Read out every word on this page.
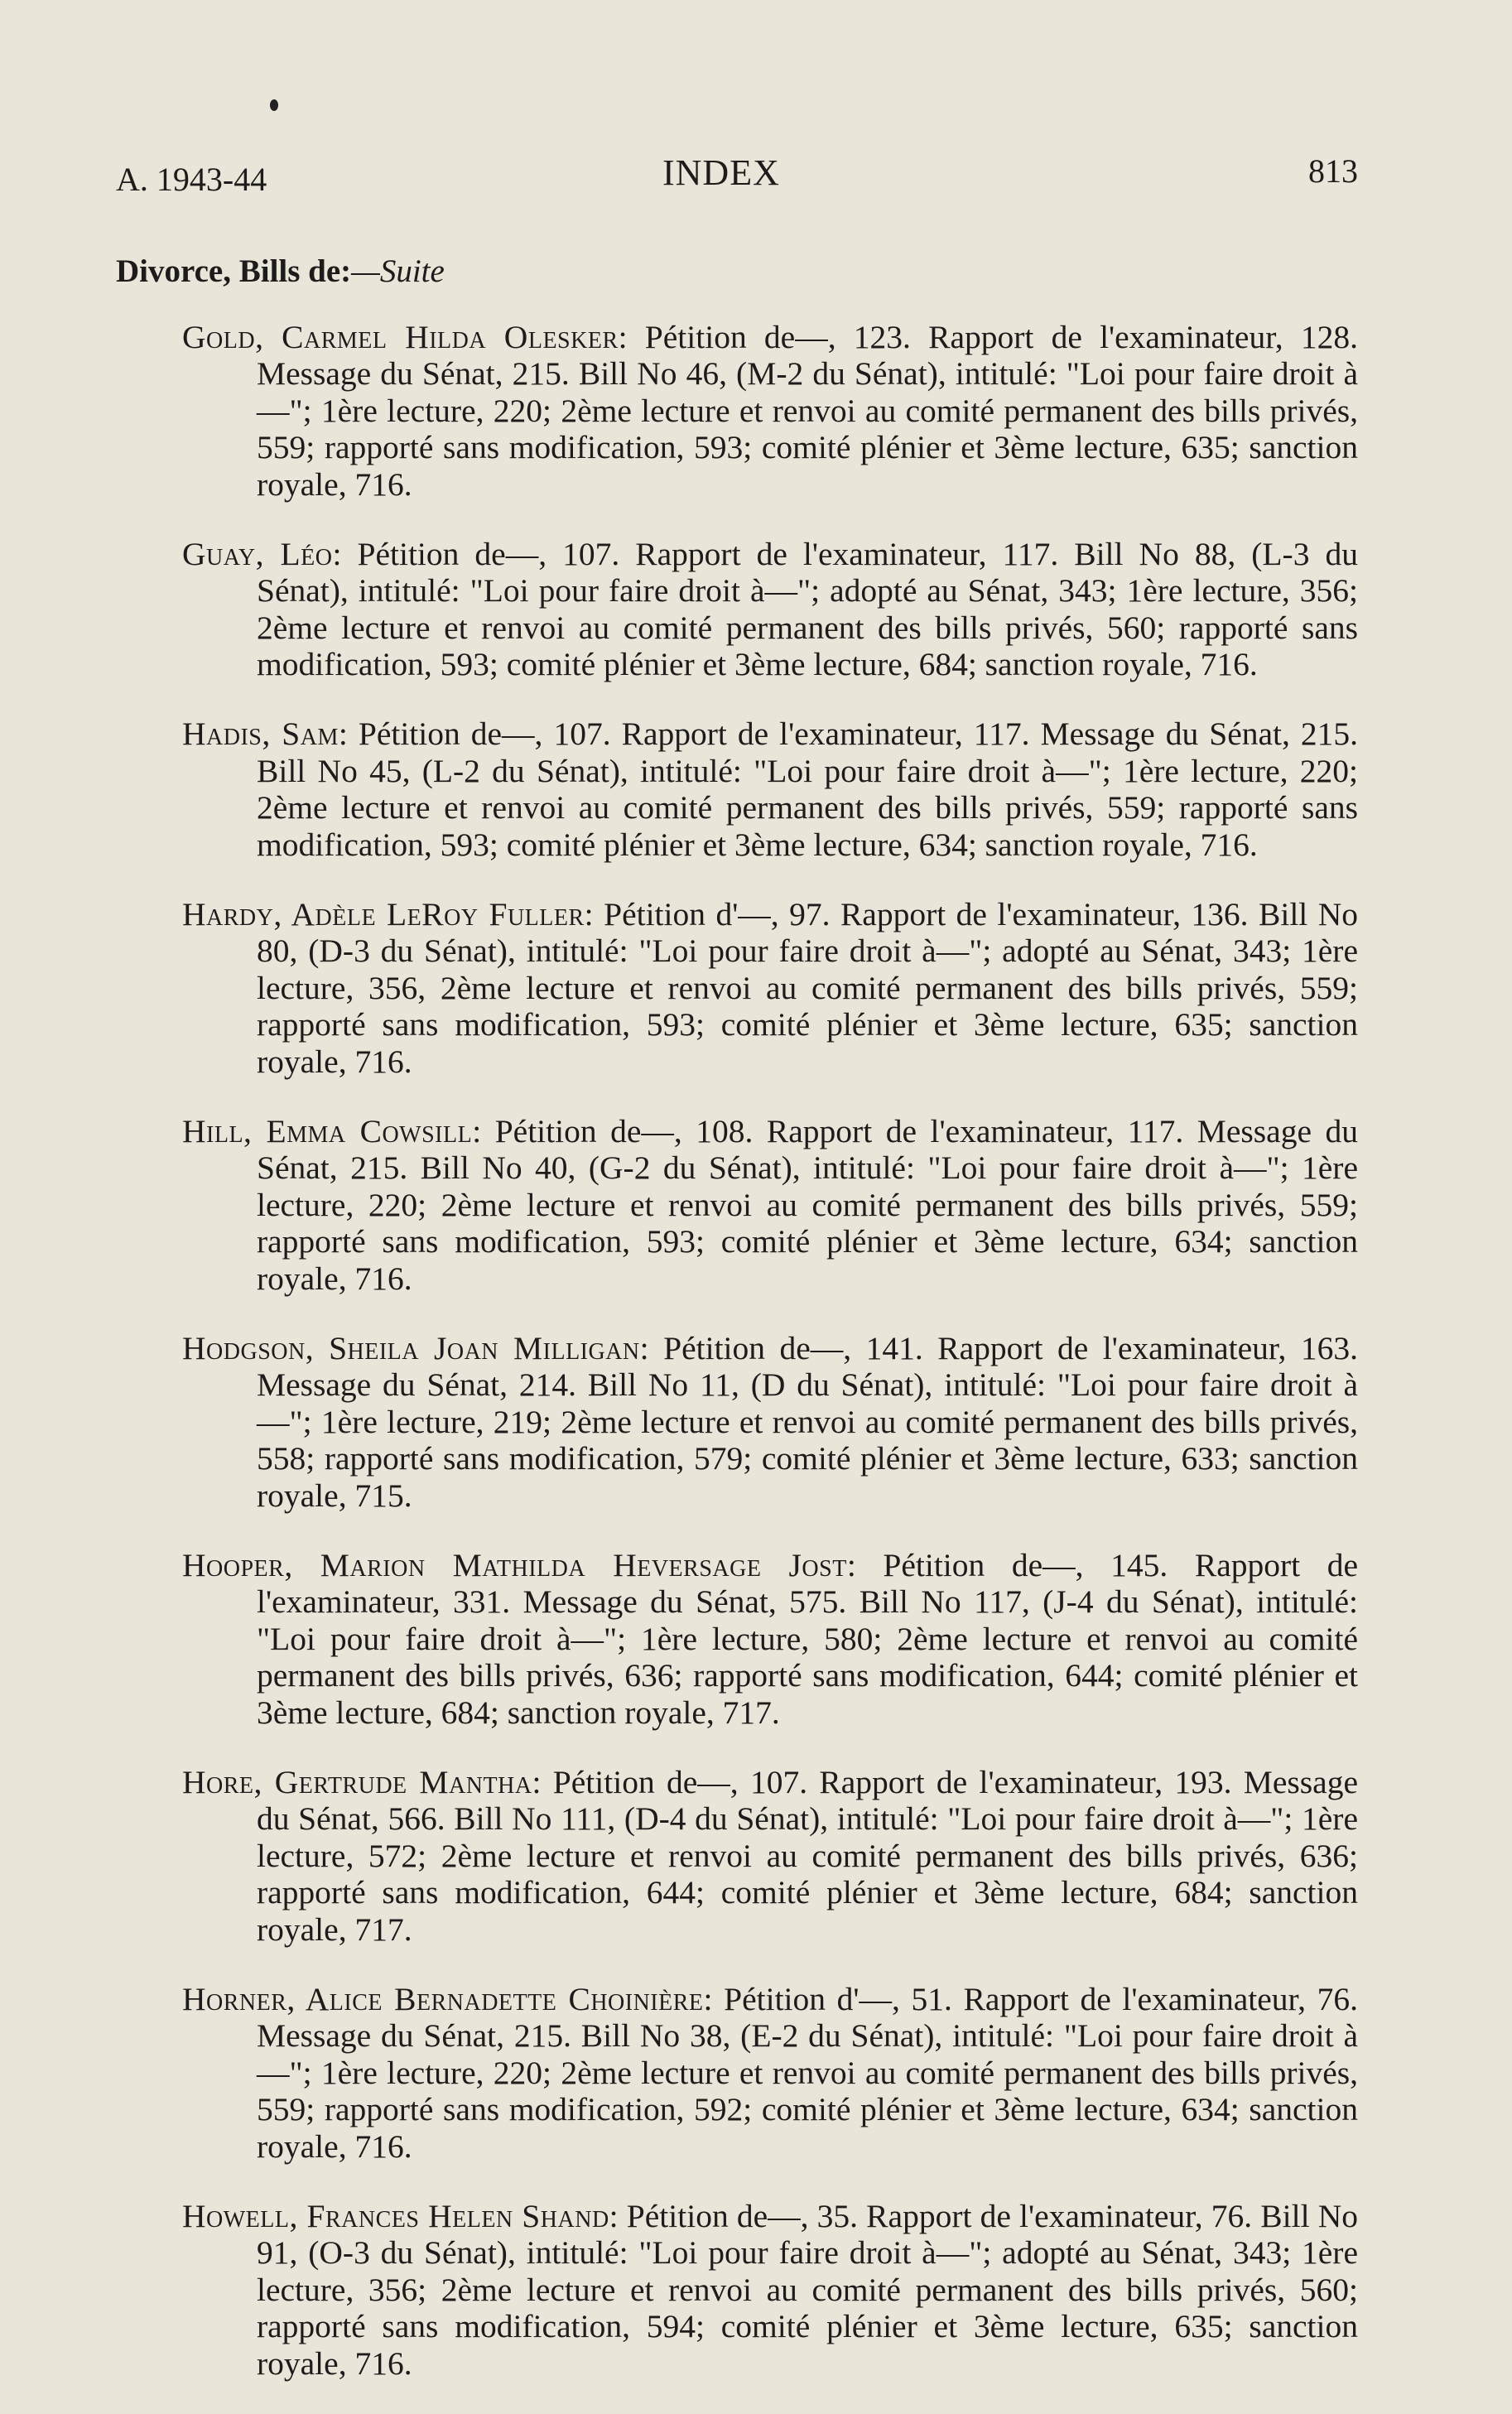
A. 1943-44	INDEX	813
Divorce, Bills de:—Suite

Gold, Carmel Hilda Olesker: Pétition de—, 123. Rapport de l'examinateur, 128. Message du Sénat, 215. Bill No 46, (M-2 du Sénat), intitulé: "Loi pour faire droit à—"; 1ère lecture, 220; 2ème lecture et renvoi au comité permanent des bills privés, 559; rapporté sans modification, 593; comité plénier et 3ème lecture, 635; sanction royale, 716.

Guay, Léo: Pétition de—, 107. Rapport de l'examinateur, 117. Bill No 88, (L-3 du Sénat), intitulé: "Loi pour faire droit à—"; adopté au Sénat, 343; 1ère lecture, 356; 2ème lecture et renvoi au comité permanent des bills privés, 560; rapporté sans modification, 593; comité plénier et 3ème lecture, 684; sanction royale, 716.

Hadis, Sam: Pétition de—, 107. Rapport de l'examinateur, 117. Message du Sénat, 215. Bill No 45, (L-2 du Sénat), intitulé: "Loi pour faire droit à—"; 1ère lecture, 220; 2ème lecture et renvoi au comité permanent des bills privés, 559; rapporté sans modification, 593; comité plénier et 3ème lecture, 634; sanction royale, 716.

Hardy, Adèle LeRoy Fuller: Pétition d'—, 97. Rapport de l'examinateur, 136. Bill No 80, (D-3 du Sénat), intitulé: "Loi pour faire droit à—"; adopté au Sénat, 343; 1ère lecture, 356, 2ème lecture et renvoi au comité permanent des bills privés, 559; rapporté sans modification, 593; comité plénier et 3ème lecture, 635; sanction royale, 716.

Hill, Emma Cowsill: Pétition de—, 108. Rapport de l'examinateur, 117. Message du Sénat, 215. Bill No 40, (G-2 du Sénat), intitulé: "Loi pour faire droit à—"; 1ère lecture, 220; 2ème lecture et renvoi au comité permanent des bills privés, 559; rapporté sans modification, 593; comité plénier et 3ème lecture, 634; sanction royale, 716.

Hodgson, Sheila Joan Milligan: Pétition de—, 141. Rapport de l'examinateur, 163. Message du Sénat, 214. Bill No 11, (D du Sénat), intitulé: "Loi pour faire droit à—"; 1ère lecture, 219; 2ème lecture et renvoi au comité permanent des bills privés, 558; rapporté sans modification, 579; comité plénier et 3ème lecture, 633; sanction royale, 715.

Hooper, Marion Mathilda Heversage Jost: Pétition de—, 145. Rapport de l'examinateur, 331. Message du Sénat, 575. Bill No 117, (J-4 du Sénat), intitulé: "Loi pour faire droit à—"; 1ère lecture, 580; 2ème lecture et renvoi au comité permanent des bills privés, 636; rapporté sans modification, 644; comité plénier et 3ème lecture, 684; sanction royale, 717.

Hore, Gertrude Mantha: Pétition de—, 107. Rapport de l'examinateur, 193. Message du Sénat, 566. Bill No 111, (D-4 du Sénat), intitulé: "Loi pour faire droit à—"; 1ère lecture, 572; 2ème lecture et renvoi au comité permanent des bills privés, 636; rapporté sans modification, 644; comité plénier et 3ème lecture, 684; sanction royale, 717.

Horner, Alice Bernadette Choinière: Pétition d'—, 51. Rapport de l'examinateur, 76. Message du Sénat, 215. Bill No 38, (E-2 du Sénat), intitulé: "Loi pour faire droit à—"; 1ère lecture, 220; 2ème lecture et renvoi au comité permanent des bills privés, 559; rapporté sans modification, 592; comité plénier et 3ème lecture, 634; sanction royale, 716.

Howell, Frances Helen Shand: Pétition de—, 35. Rapport de l'examinateur, 76. Bill No 91, (O-3 du Sénat), intitulé: "Loi pour faire droit à—"; adopté au Sénat, 343; 1ère lecture, 356; 2ème lecture et renvoi au comité permanent des bills privés, 560; rapporté sans modification, 594; comité plénier et 3ème lecture, 635; sanction royale, 716.
